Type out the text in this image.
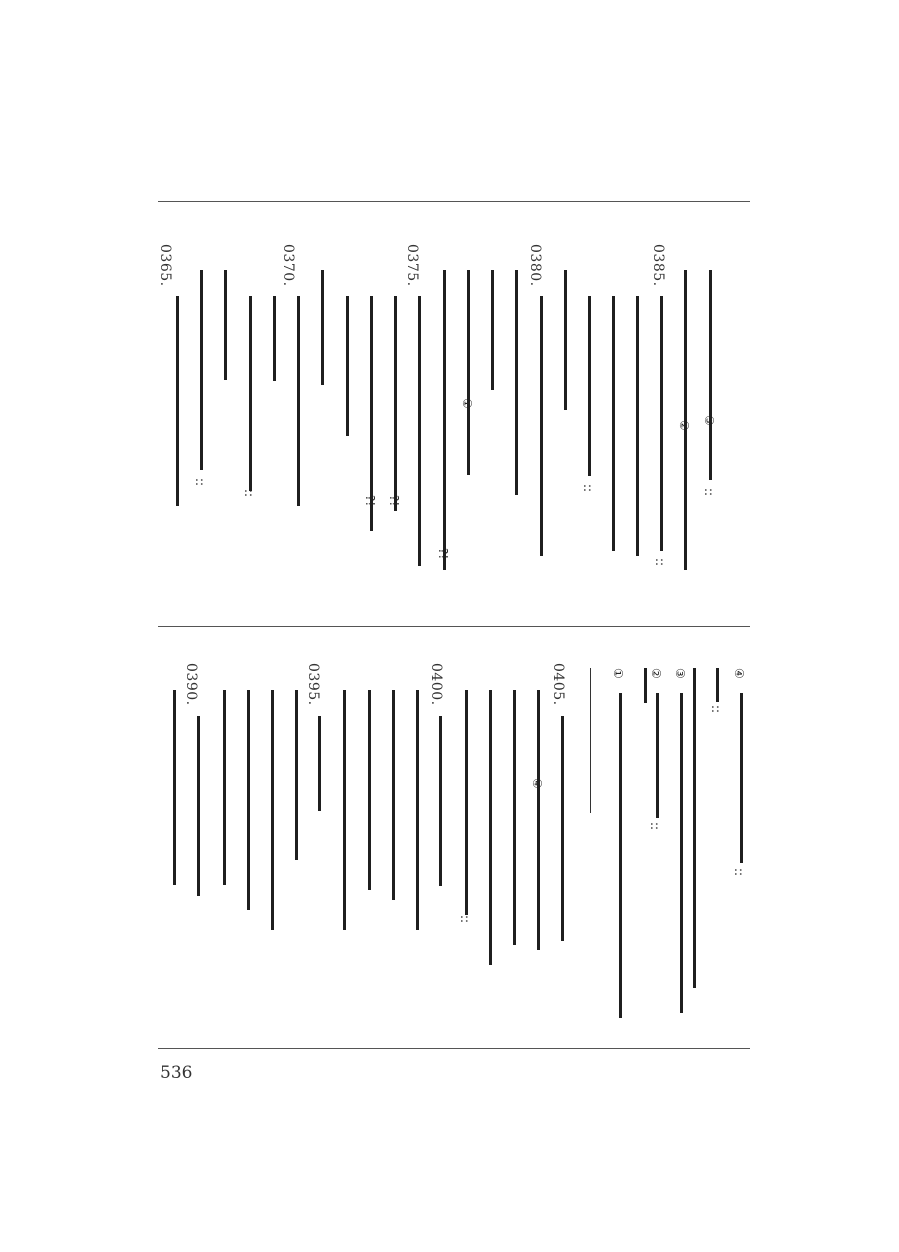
0385.
0380.
0375.
0370.
0365.
③
②
①
?!
?!
?!
::
::
::
::
::
0405.
0400.
0395.
0390.
④
::
④
③
②
①
::
::
::
536
